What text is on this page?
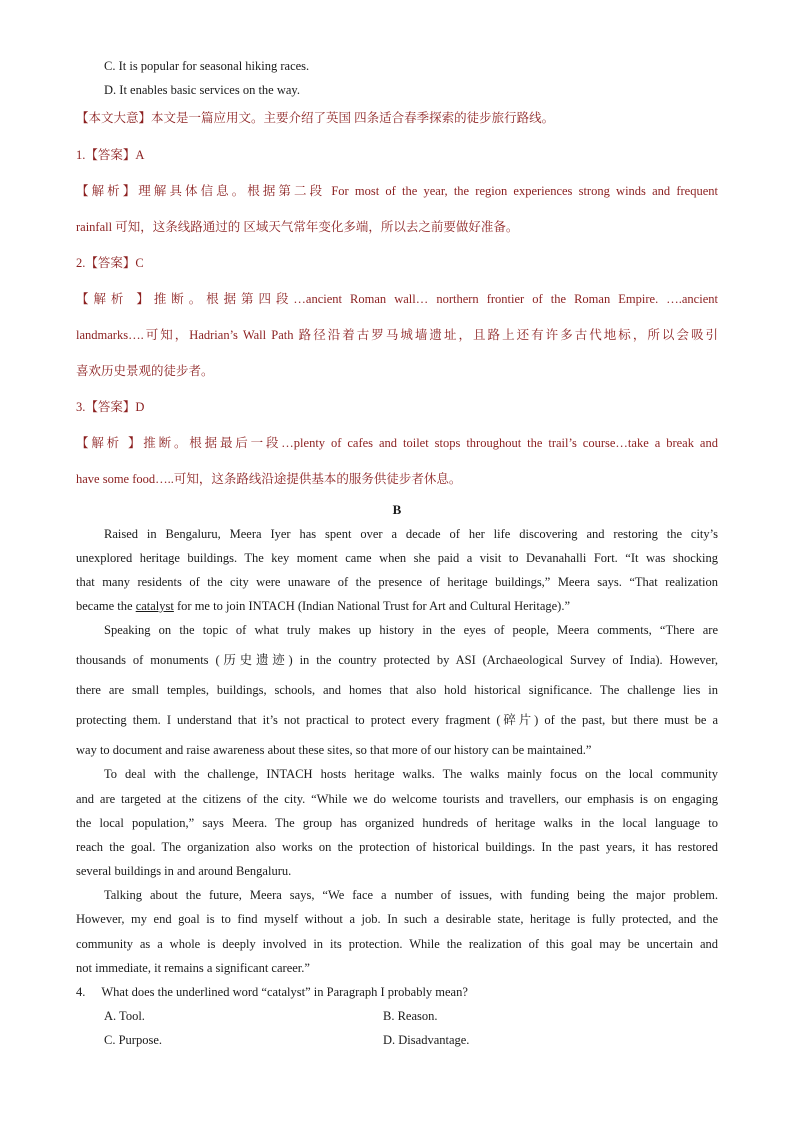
C. It is popular for seasonal hiking races.
D. It enables basic services on the way.
【本文大意】本文是一篇应用文。主要介绍了英国 四条适合春季探索的徒步旅行路线。
1.【答案】A
【解析】理解具体信息。根据第二段 For most of the year, the region experiences strong winds and frequent
rainfall 可知，这条线路通过的 区域天气常年变化多端，所以去之前要做好准备。
2.【答案】C
【解析 】推断。根据第四段…ancient Roman wall… northern frontier of the Roman Empire. ….ancient
landmarks….可知，Hadrian’s Wall Path 路径沿着古罗马城墙遗址，且路上还有许多古代地标，所以会吸引
喜欢历史景观的徒步者。
3.【答案】D
【解析 】推断。根据最后一段…plenty of cafes and toilet stops throughout the trail’s course…take a break and
have some food…..可知，这条路线沿途提供基本的服务供徒步者休息。
B
Raised in Bengaluru, Meera Iyer has spent over a decade of her life discovering and restoring the city’s
unexplored heritage buildings. The key moment came when she paid a visit to Devanahalli Fort. “It was shocking
that many residents of the city were unaware of the presence of heritage buildings,” Meera says. “That realization
became the catalyst for me to join INTACH (Indian National Trust for Art and Cultural Heritage).”
Speaking on the topic of what truly makes up history in the eyes of people, Meera comments, “There are
thousands of monuments (历史遗迹) in the country protected by ASI (Archaeological Survey of India). However,
there are small temples, buildings, schools, and homes that also hold historical significance. The challenge lies in
protecting them. I understand that it’s not practical to protect every fragment (碎片) of the past, but there must be a
way to document and raise awareness about these sites, so that more of our history can be maintained.”
To deal with the challenge, INTACH hosts heritage walks. The walks mainly focus on the local community
and are targeted at the citizens of the city. “While we do welcome tourists and travellers, our emphasis is on engaging
the local population,” says Meera. The group has organized hundreds of heritage walks in the local language to
reach the goal. The organization also works on the protection of historical buildings. In the past years, it has restored
several buildings in and around Bengaluru.
Talking about the future, Meera says, “We face a number of issues, with funding being the major problem.
However, my end goal is to find myself without a job. In such a desirable state, heritage is fully protected, and the
community as a whole is deeply involved in its protection. While the realization of this goal may be uncertain and
not immediate, it remains a significant career.”
4. What does the underlined word “catalyst” in Paragraph I probably mean?
A. Tool.	B. Reason.
C. Purpose.	D. Disadvantage.
